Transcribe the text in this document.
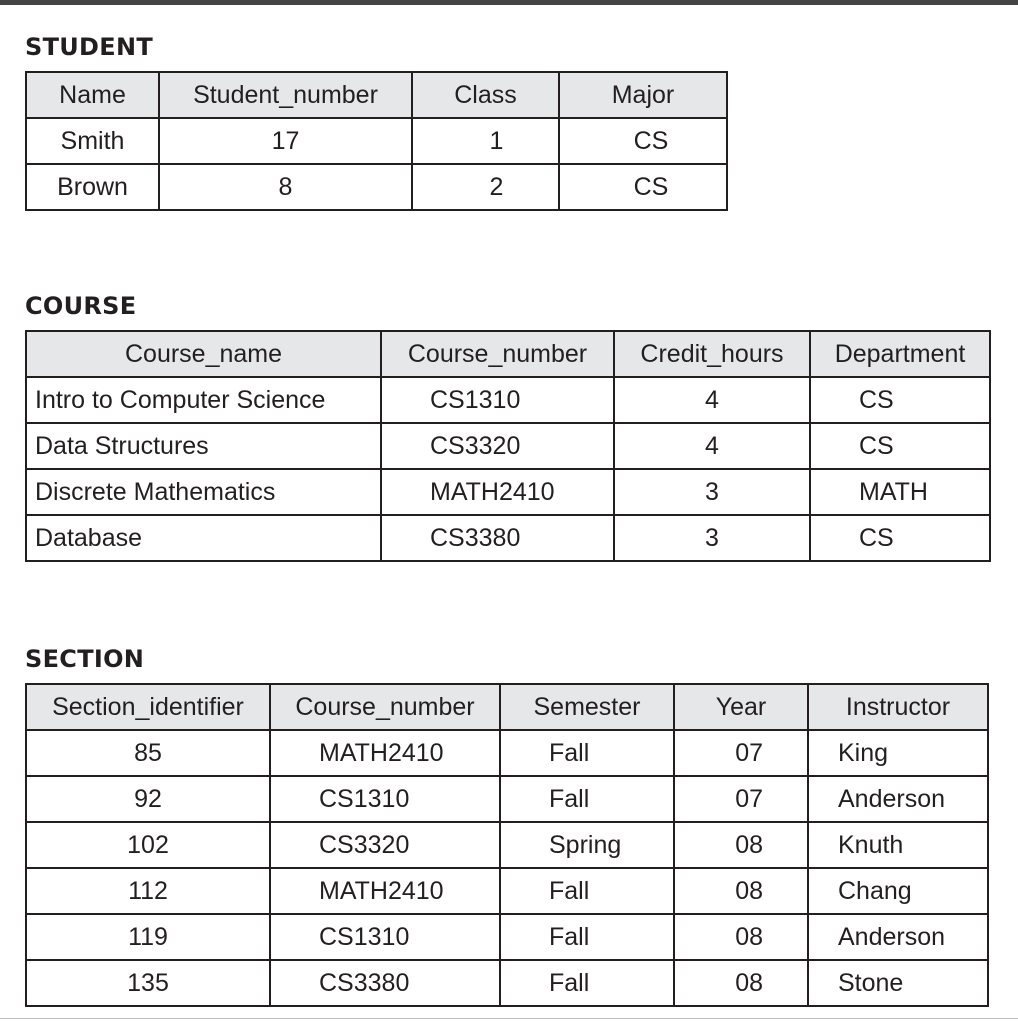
STUDENT
Name	Student_number	Class	Major
Smith	17	1	CS
Brown	8	2	CS
COURSE
Course_name	Course_number	Credit_hours	Department
Intro to Computer Science	CS1310	4	CS
Data Structures	CS3320	4	CS
Discrete Mathematics	MATH2410	3	MATH
Database	CS3380	3	CS
SECTION
Section_identifier	Course_number	Semester	Year	Instructor
85	MATH2410	Fall	07	King
92	CS1310	Fall	07	Anderson
102	CS3320	Spring	08	Knuth
112	MATH2410	Fall	08	Chang
119	CS1310	Fall	08	Anderson
135	CS3380	Fall	08	Stone
